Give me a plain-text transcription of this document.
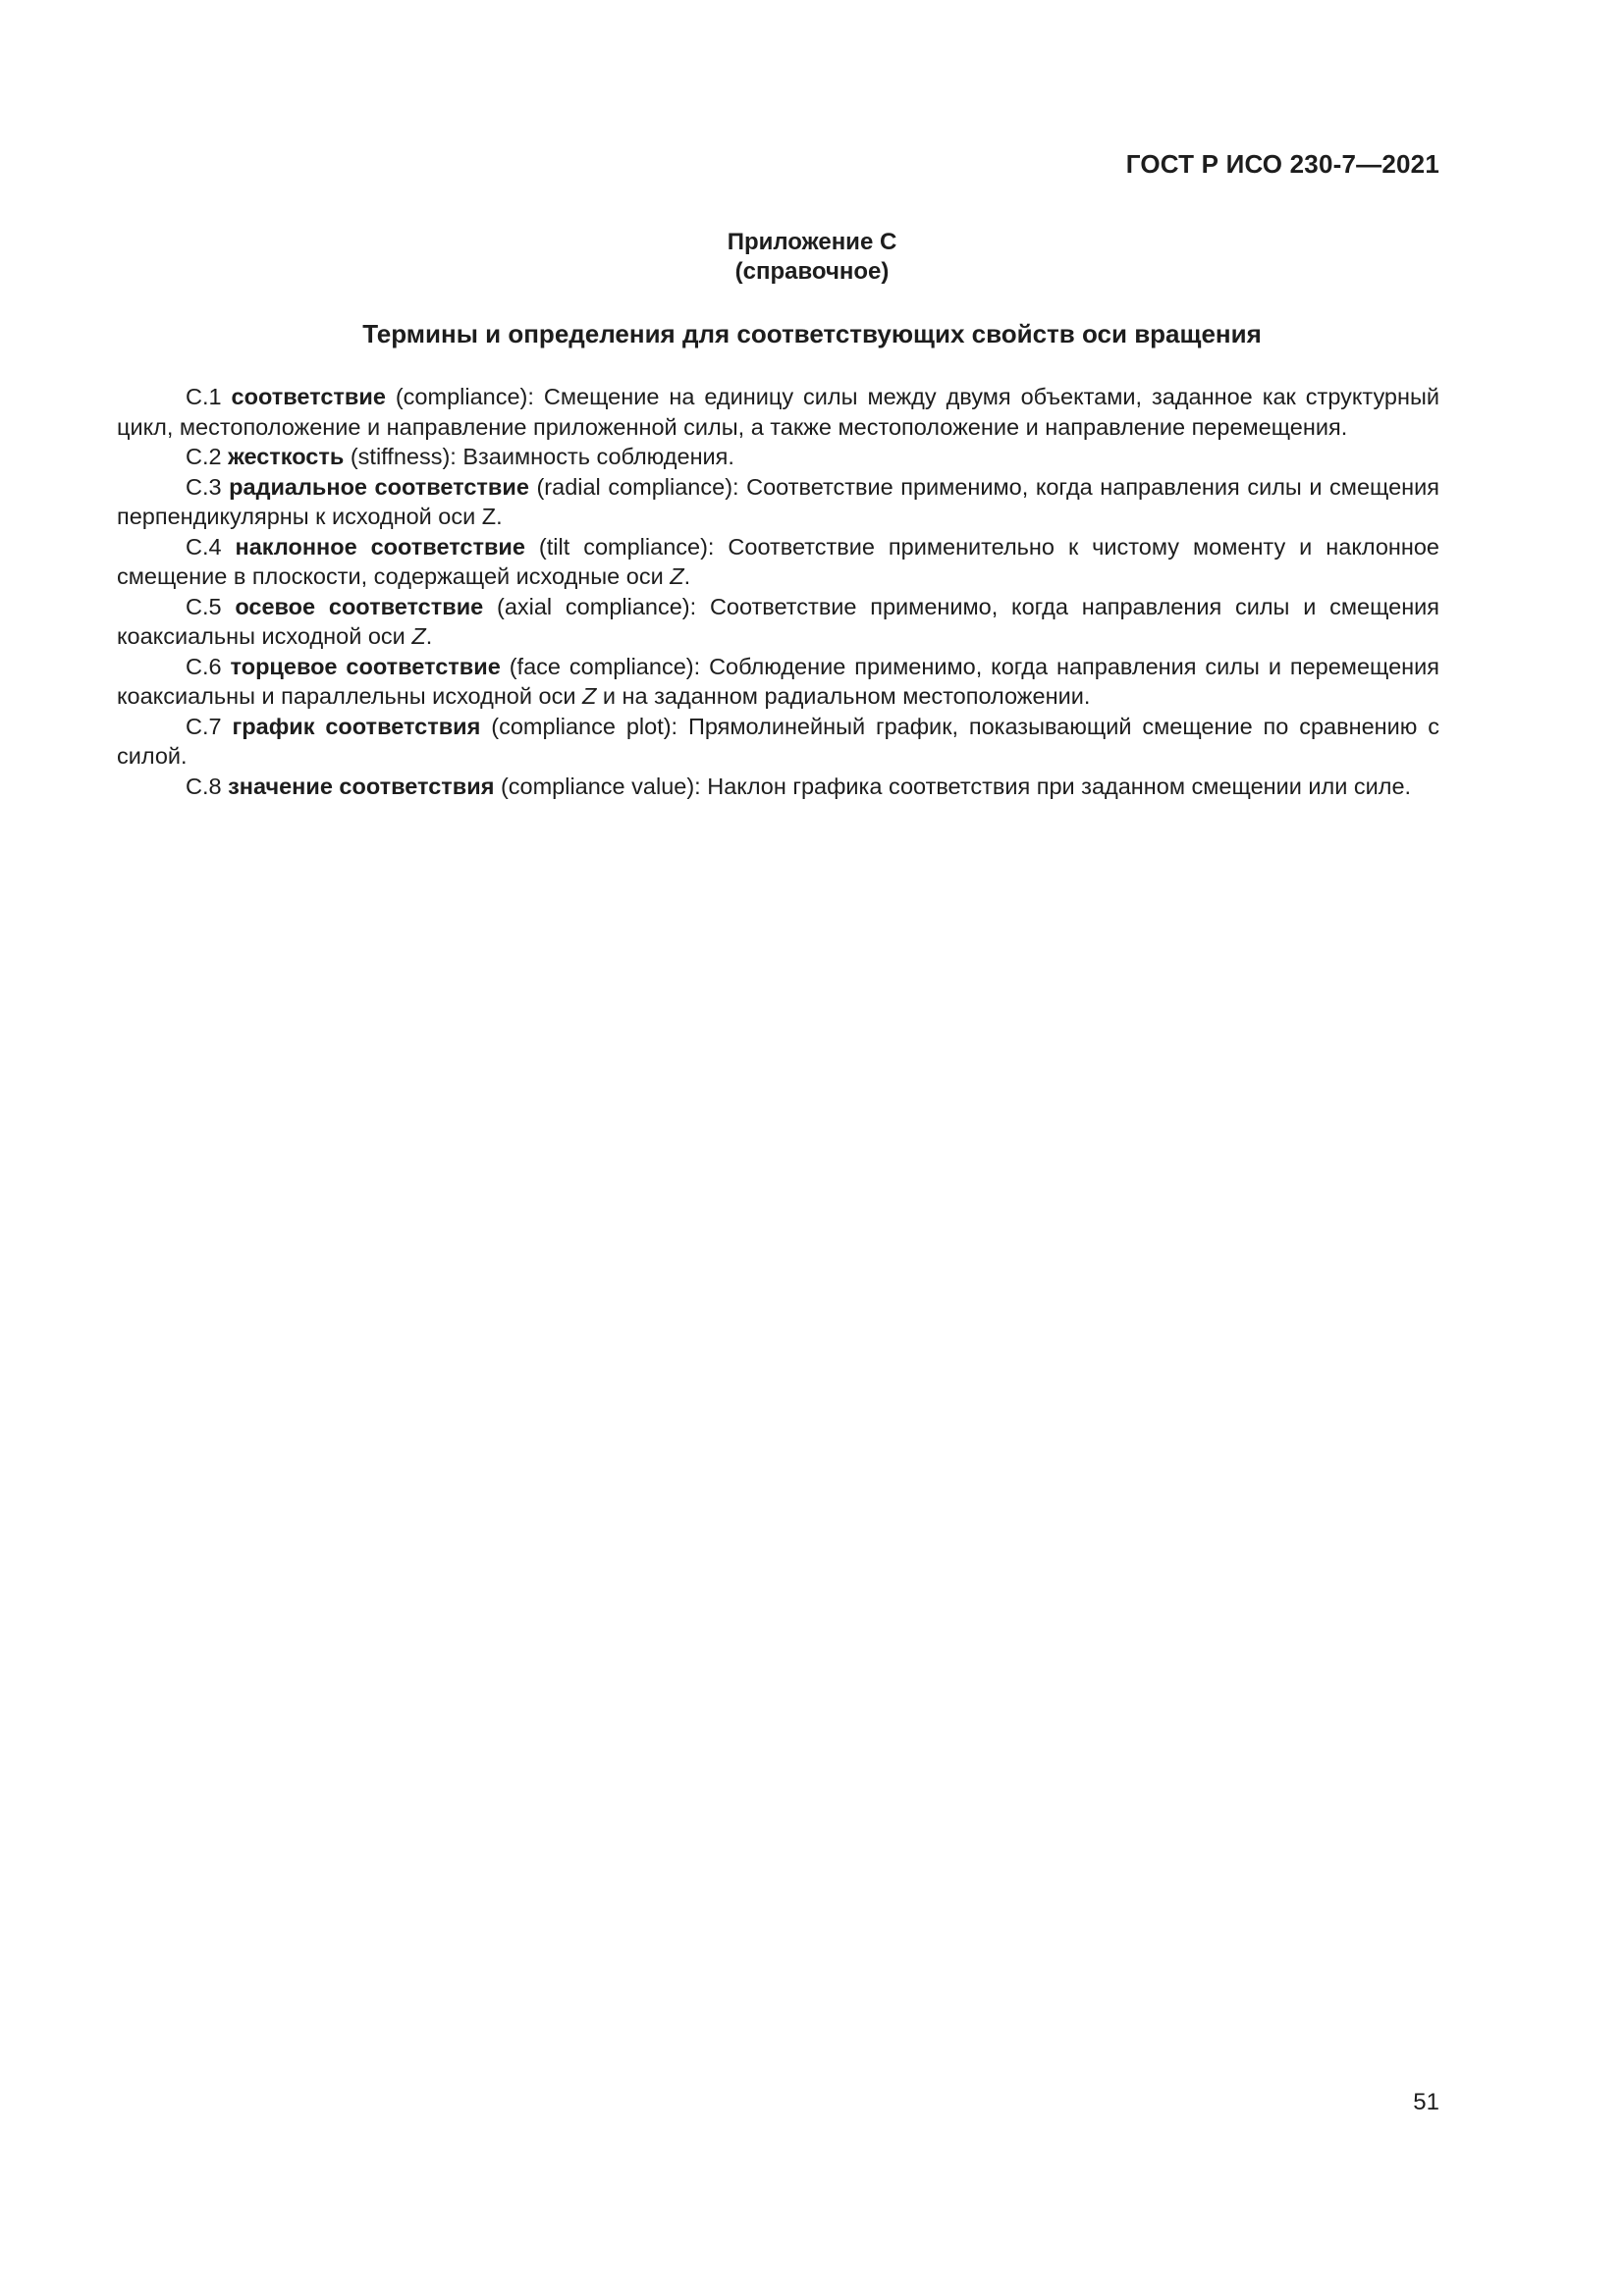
ГОСТ Р ИСО 230-7—2021
Приложение С
(справочное)
Термины и определения для соответствующих свойств оси вращения

С.1 соответствие (compliance): Смещение на единицу силы между двумя объектами, заданное как структурный цикл, местоположение и направление приложенной силы, а также местоположение и направление перемещения.

С.2 жесткость (stiffness): Взаимность соблюдения.

С.3 радиальное соответствие (radial compliance): Соответствие применимо, когда направления силы и смещения перпендикулярны к исходной оси Z.

С.4 наклонное соответствие (tilt compliance): Соответствие применительно к чистому моменту и наклонное смещение в плоскости, содержащей исходные оси Z.

С.5 осевое соответствие (axial compliance): Соответствие применимо, когда направления силы и смещения коаксиальны исходной оси Z.

С.6 торцевое соответствие (face compliance): Соблюдение применимо, когда направления силы и перемещения коаксиальны и параллельны исходной оси Z и на заданном радиальном местоположении.

С.7 график соответствия (compliance plot): Прямолинейный график, показывающий смещение по сравнению с силой.

С.8 значение соответствия (compliance value): Наклон графика соответствия при заданном смещении или силе.

51
